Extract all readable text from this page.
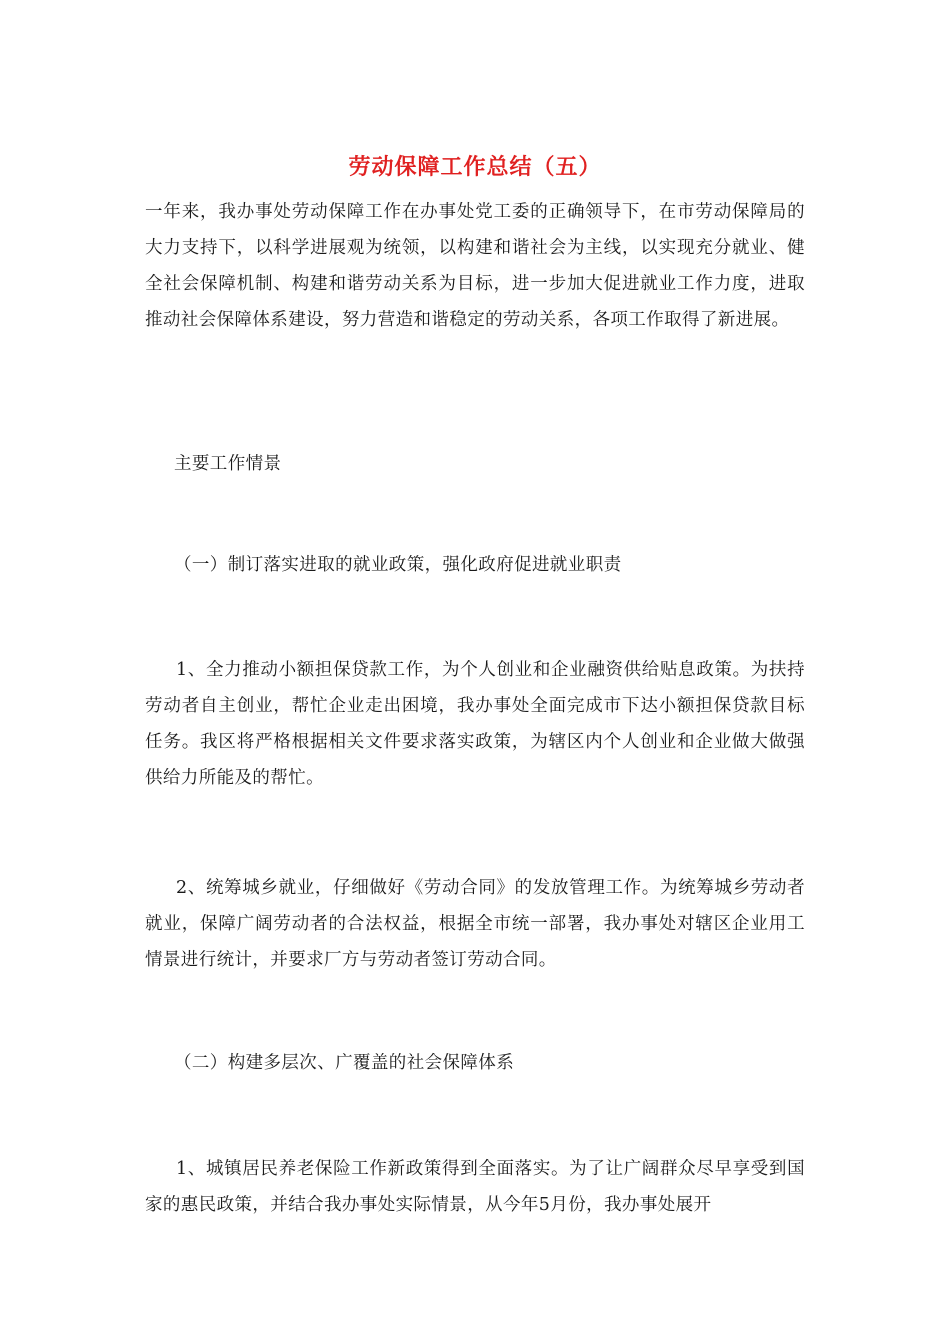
劳动保障工作总结（五）

一年来，我办事处劳动保障工作在办事处党工委的正确领导下，在市劳动保障局的大力支持下，以科学进展观为统领，以构建和谐社会为主线，以实现充分就业、健全社会保障机制、构建和谐劳动关系为目标，进一步加大促进就业工作力度，进取推动社会保障体系建设，努力营造和谐稳定的劳动关系，各项工作取得了新进展。

主要工作情景

（一）制订落实进取的就业政策，强化政府促进就业职责

1、全力推动小额担保贷款工作，为个人创业和企业融资供给贴息政策。为扶持劳动者自主创业，帮忙企业走出困境，我办事处全面完成市下达小额担保贷款目标任务。我区将严格根据相关文件要求落实政策，为辖区内个人创业和企业做大做强供给力所能及的帮忙。

2、统筹城乡就业，仔细做好《劳动合同》的发放管理工作。为统筹城乡劳动者就业，保障广阔劳动者的合法权益，根据全市统一部署，我办事处对辖区企业用工情景进行统计，并要求厂方与劳动者签订劳动合同。

（二）构建多层次、广覆盖的社会保障体系

1、城镇居民养老保险工作新政策得到全面落实。为了让广阔群众尽早享受到国家的惠民政策，并结合我办事处实际情景，从今年5月份，我办事处展开
